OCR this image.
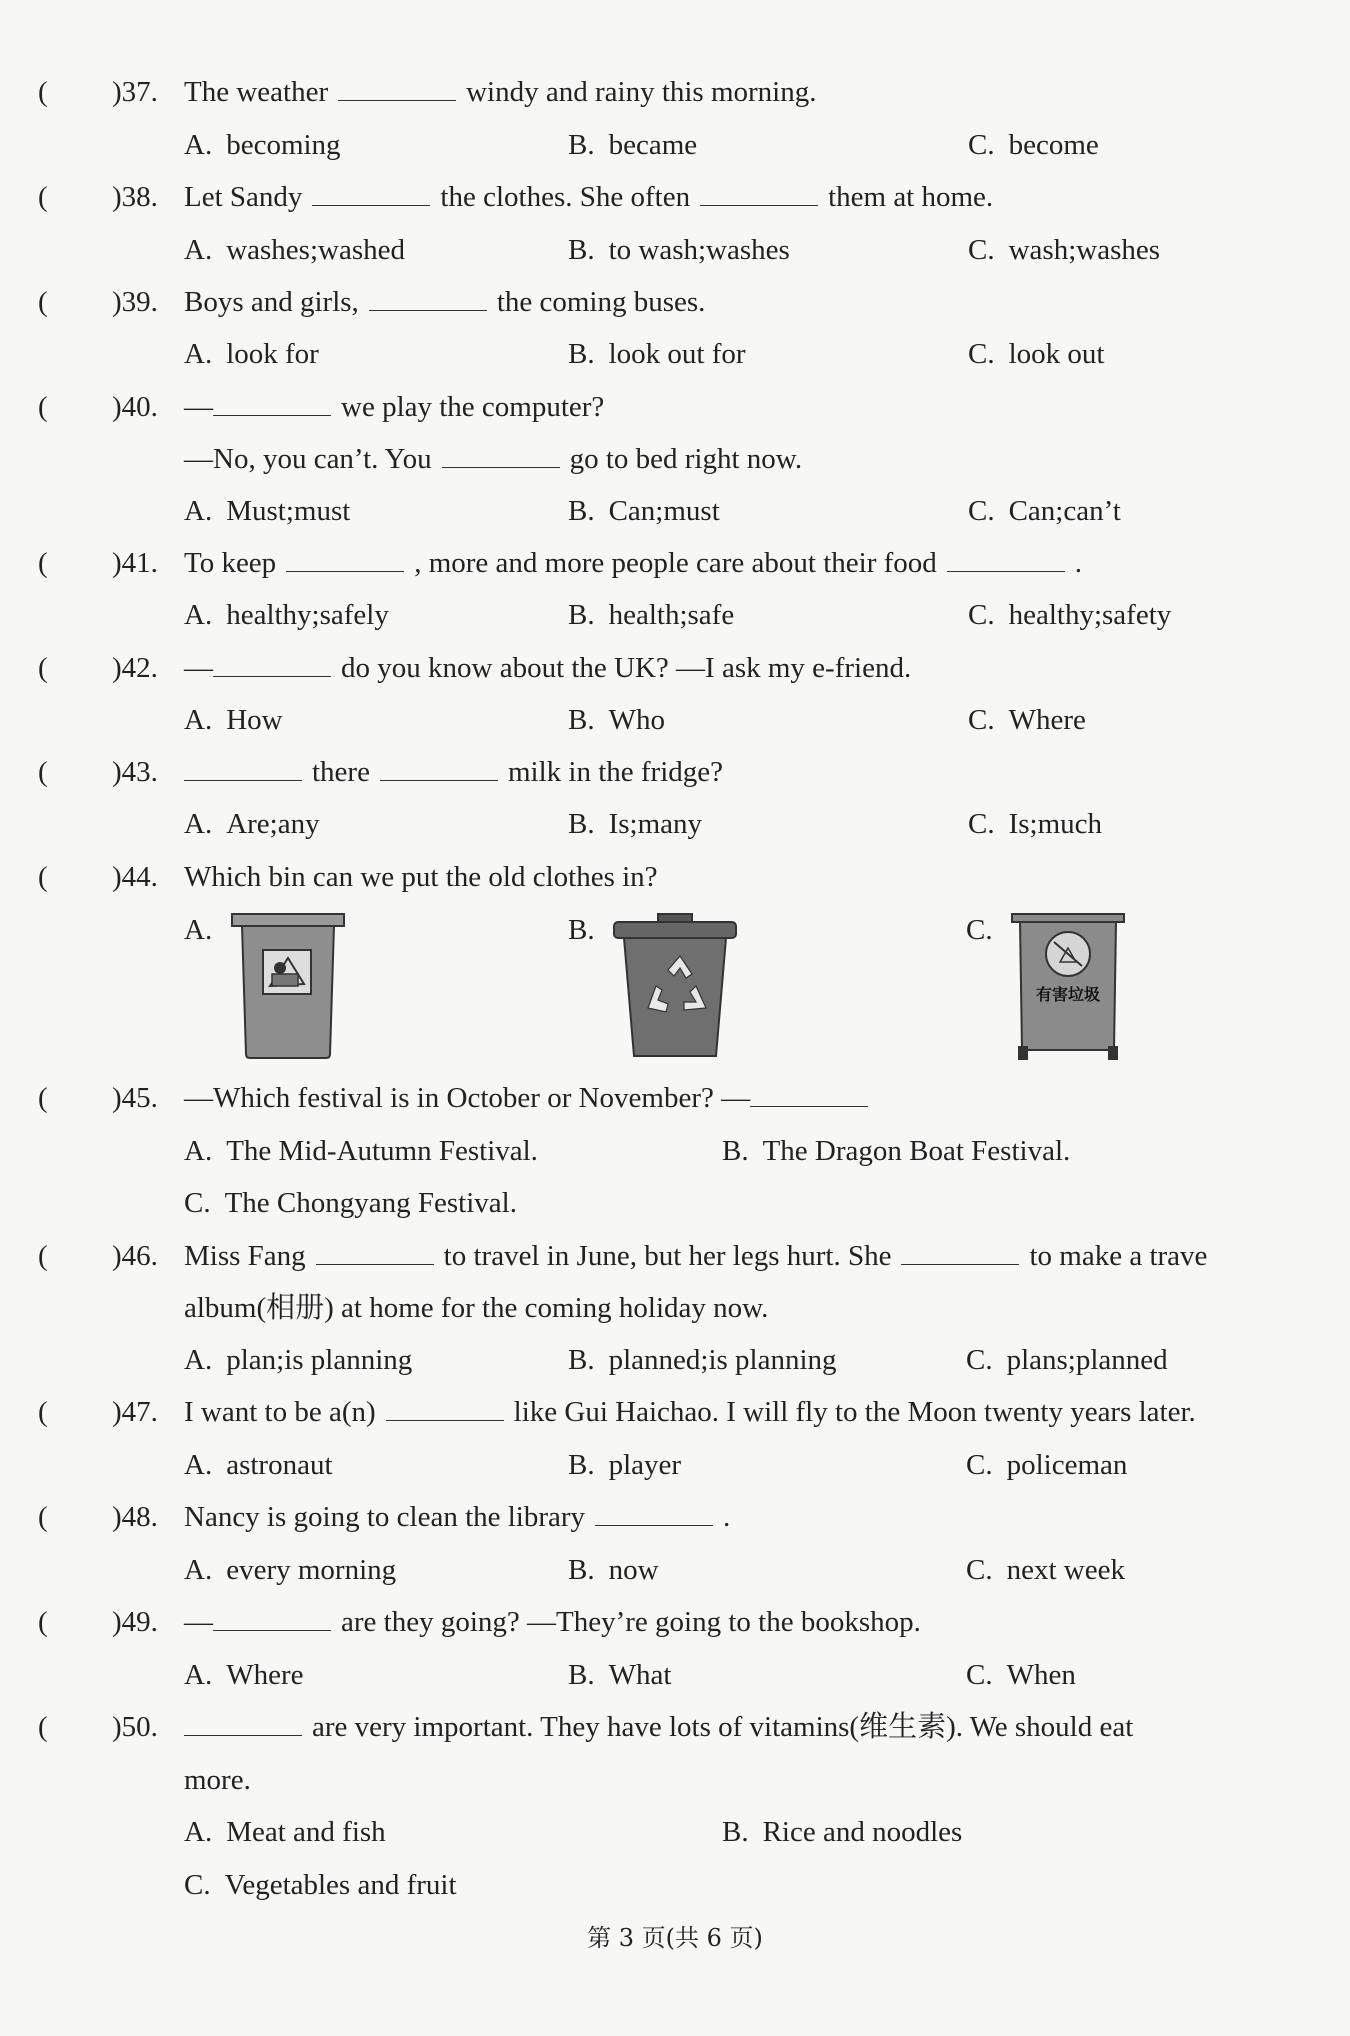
( )37. The weather	windy and rainy this morning.
A. becoming	B. became	C. become
( )38. Let Sandy	the clothes. She often	them at home.
A. washes;washed	B. to wash;washes	C. wash;washes
( )39. Boys and girls,	the coming buses.
A. look for	B. look out for	C. look out
( )40. —	we play the computer?
—No, you can’t. You	go to bed right now.
A. Must;must	B. Can;must	C. Can;can’t
( )41. To keep	, more and more people care about their food	.
A. healthy;safely	B. health;safe	C. healthy;safety
( )42. —	do you know about the UK? —I ask my e-friend.
A. How	B. Who	C. Where
( )43.	there	milk in the fridge?
A. Are;any	B. Is;many	C. Is;much
( )44. Which bin can we put the old clothes in?
A.	B.	C.
有害垃圾
( )45. —Which festival is in October or November? —
A. The Mid-Autumn Festival.	B. The Dragon Boat Festival.
C. The Chongyang Festival.
( )46. Miss Fang	to travel in June, but her legs hurt. She	to make a trave
album(相册) at home for the coming holiday now.
A. plan;is planning	B. planned;is planning	C. plans;planned
( )47. I want to be a(n)	like Gui Haichao. I will fly to the Moon twenty years later.
A. astronaut	B. player	C. policeman
( )48. Nancy is going to clean the library	.
A. every morning	B. now	C. next week
( )49. —	are they going? —They’re going to the bookshop.
A. Where	B. What	C. When
( )50.	are very important. They have lots of vitamins(维生素). We should eat
more.
A. Meat and fish	B. Rice and noodles
C. Vegetables and fruit
第 3 页(共 6 页)
